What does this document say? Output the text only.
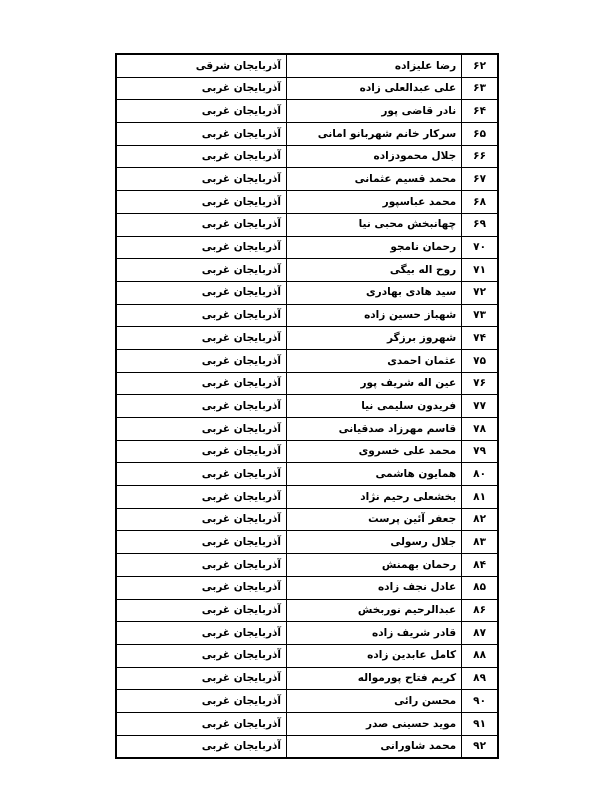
۶۲	رضا علیزاده	آذربایجان شرقی
۶۳	علی عبدالعلی زاده	آذربایجان غربی
۶۴	نادر قاضی پور	آذربایجان غربی
۶۵	سرکار خانم شهربانو امانی	آذربایجان غربی
۶۶	جلال محمودزاده	آذربایجان غربی
۶۷	محمد قسیم عثمانی	آذربایجان غربی
۶۸	محمد عباسپور	آذربایجان غربی
۶۹	چهانبخش محبی نیا	آذربایجان غربی
۷۰	رحمان نامجو	آذربایجان غربی
۷۱	روح اله بیگی	آذربایجان غربی
۷۲	سید هادی بهادری	آذربایجان غربی
۷۳	شهباز حسین زاده	آذربایجان غربی
۷۴	شهروز برزگر	آذربایجان غربی
۷۵	عثمان احمدی	آذربایجان غربی
۷۶	عین اله شریف پور	آذربایجان غربی
۷۷	فریدون سلیمی نیا	آذربایجان غربی
۷۸	قاسم مهرزاد صدقیانی	آذربایجان غربی
۷۹	محمد علی خسروی	آذربایجان غربی
۸۰	همایون هاشمی	آذربایجان غربی
۸۱	بخشعلی رحیم نژاد	آذربایجان غربی
۸۲	جعفر آئین پرست	آذربایجان غربی
۸۳	جلال رسولی	آذربایجان غربی
۸۴	رحمان بهمنش	آذربایجان غربی
۸۵	عادل نجف زاده	آذربایجان غربی
۸۶	عبدالرحیم نوربخش	آذربایجان غربی
۸۷	قادر شریف زاده	آذربایجان غربی
۸۸	کامل عابدین زاده	آذربایجان غربی
۸۹	کریم فتاح پورمواله	آذربایجان غربی
۹۰	محسن رائی	آذربایجان غربی
۹۱	موید حسینی صدر	آذربایجان غربی
۹۲	محمد شاورانی	آذربایجان غربی
